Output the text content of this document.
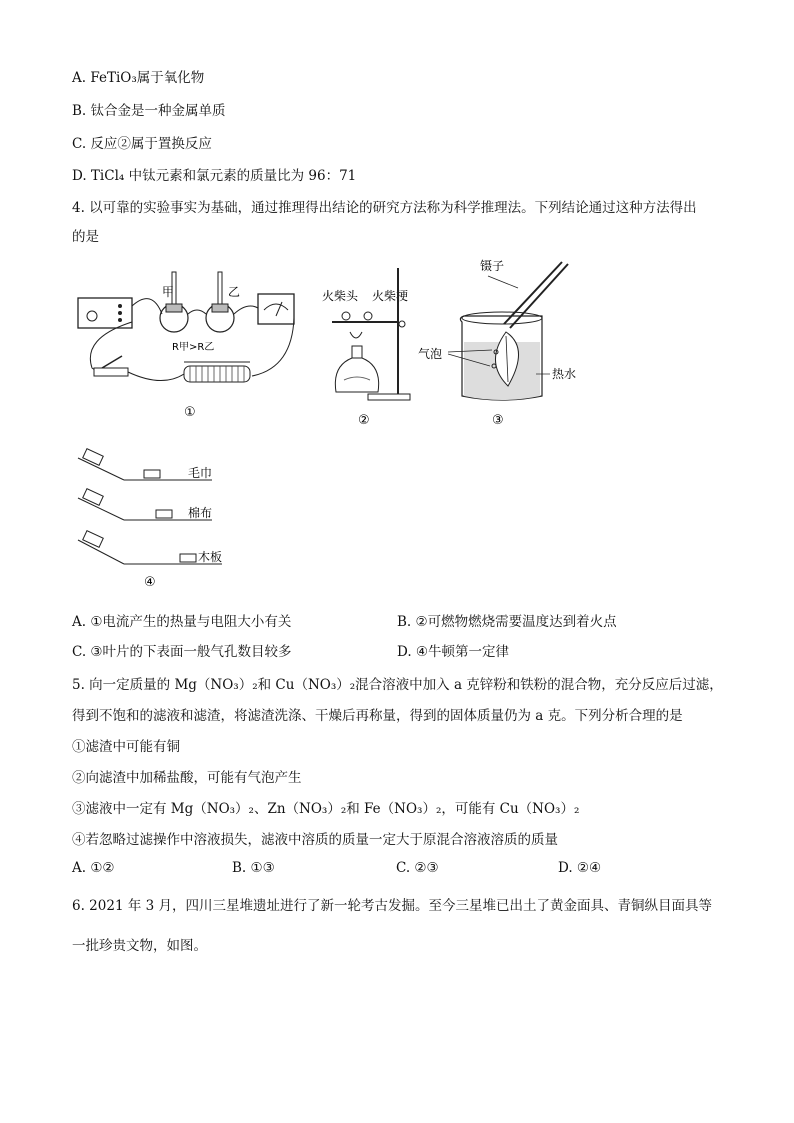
A. FeTiO₃属于氧化物
B. 钛合金是一种金属单质
C. 反应②属于置换反应
D. TiCl₄ 中钛元素和氯元素的质量比为 96：71
4. 以可靠的实验事实为基础，通过推理得出结论的研究方法称为科学推理法。下列结论通过这种方法得出
的是
甲	乙
R甲>R乙
①
火柴头 火柴梗
②
镊子
气泡
热水
③
毛巾
棉布
木板
④
A. ①电流产生的热量与电阻大小有关	B. ②可燃物燃烧需要温度达到着火点
C. ③叶片的下表面一般气孔数目较多	D. ④牛顿第一定律
5. 向一定质量的 Mg（NO₃）₂和 Cu（NO₃）₂混合溶液中加入 a 克锌粉和铁粉的混合物，充分反应后过滤，
得到不饱和的滤液和滤渣，将滤渣洗涤、干燥后再称量，得到的固体质量仍为 a 克。下列分析合理的是
①滤渣中可能有铜
②向滤渣中加稀盐酸，可能有气泡产生
③滤液中一定有 Mg（NO₃）₂、Zn（NO₃）₂和 Fe（NO₃）₂，可能有 Cu（NO₃）₂
④若忽略过滤操作中溶液损失，滤液中溶质的质量一定大于原混合溶液溶质的质量
A. ①②	B. ①③	C. ②③	D. ②④
6. 2021 年 3 月，四川三星堆遗址进行了新一轮考古发掘。至今三星堆已出土了黄金面具、青铜纵目面具等
一批珍贵文物，如图。
